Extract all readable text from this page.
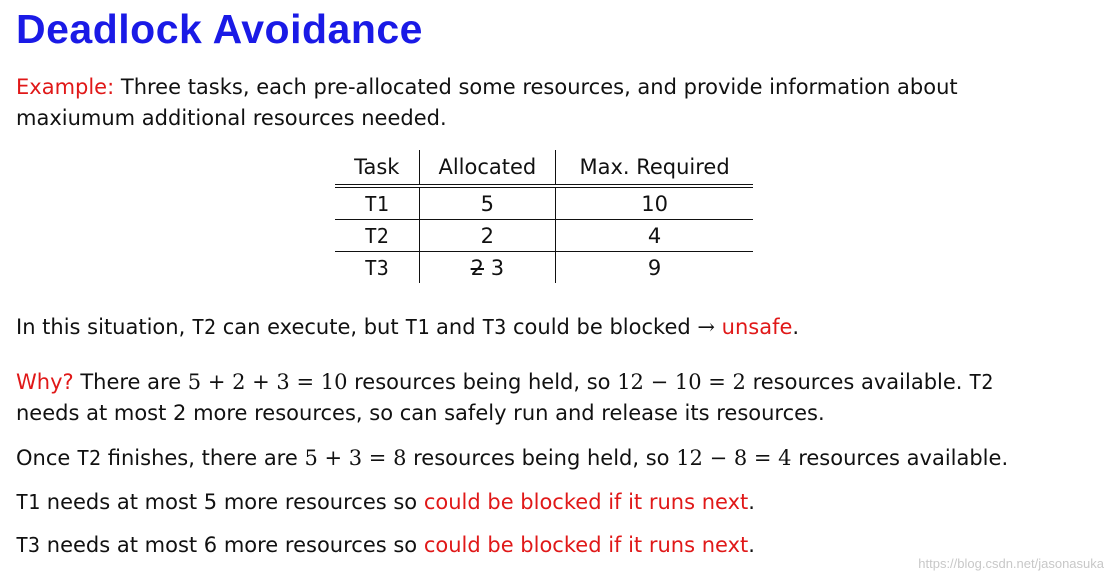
Deadlock Avoidance

Example: Three tasks, each pre-allocated some resources, and provide information about

maxiumum additional resources needed.

Task	Allocated	Max. Required
T1	5	10
T2	2	4
T3	2 3	9

In this situation, T2 can execute, but T1 and T3 could be blocked → unsafe.

Why? There are 5 + 2 + 3 = 10 resources being held, so 12 − 10 = 2 resources available. T2

needs at most 2 more resources, so can safely run and release its resources.

Once T2 finishes, there are 5 + 3 = 8 resources being held, so 12 − 8 = 4 resources available.

T1 needs at most 5 more resources so could be blocked if it runs next.

T3 needs at most 6 more resources so could be blocked if it runs next.

https://blog.csdn.net/jasonasuka
